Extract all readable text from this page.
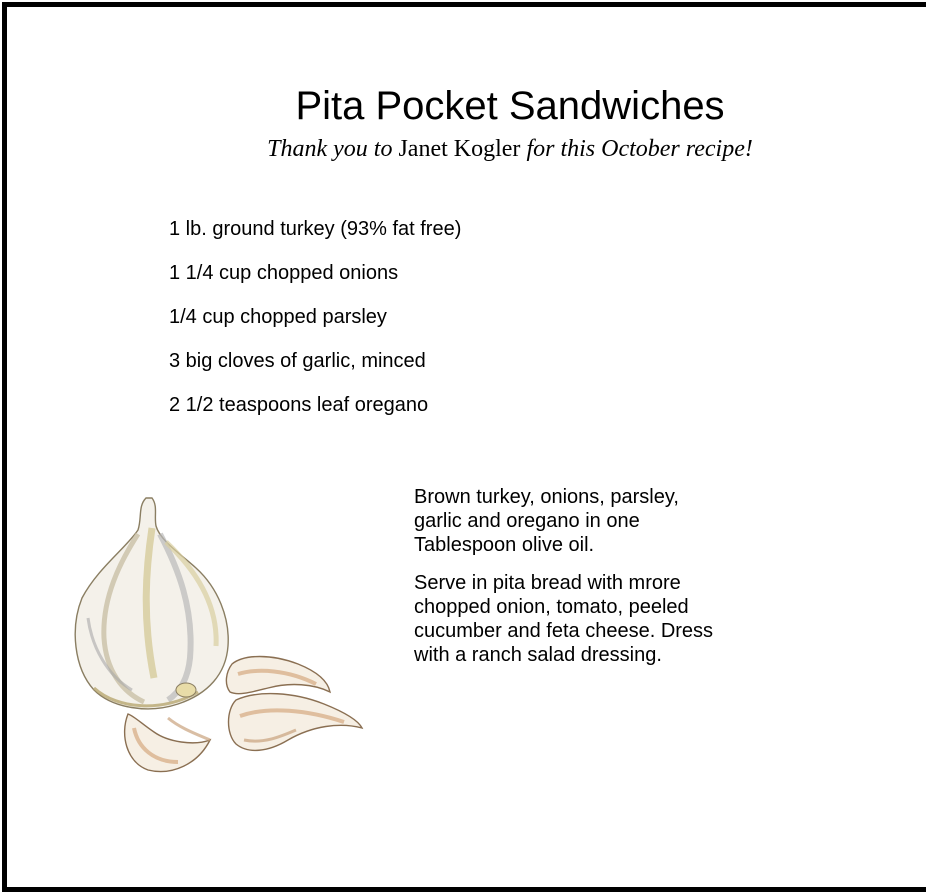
Pita Pocket Sandwiches
Thank you to Janet Kogler for this October recipe!
1 lb. ground turkey (93% fat free)
1 1/4 cup chopped onions
1/4 cup chopped parsley
3 big cloves of garlic, minced
2 1/2 teaspoons leaf oregano

Brown turkey, onions, parsley,
garlic and oregano in one
Tablespoon olive oil.

Serve in pita bread with mrore
chopped onion, tomato, peeled
cucumber and feta cheese. Dress
with a ranch salad dressing.
